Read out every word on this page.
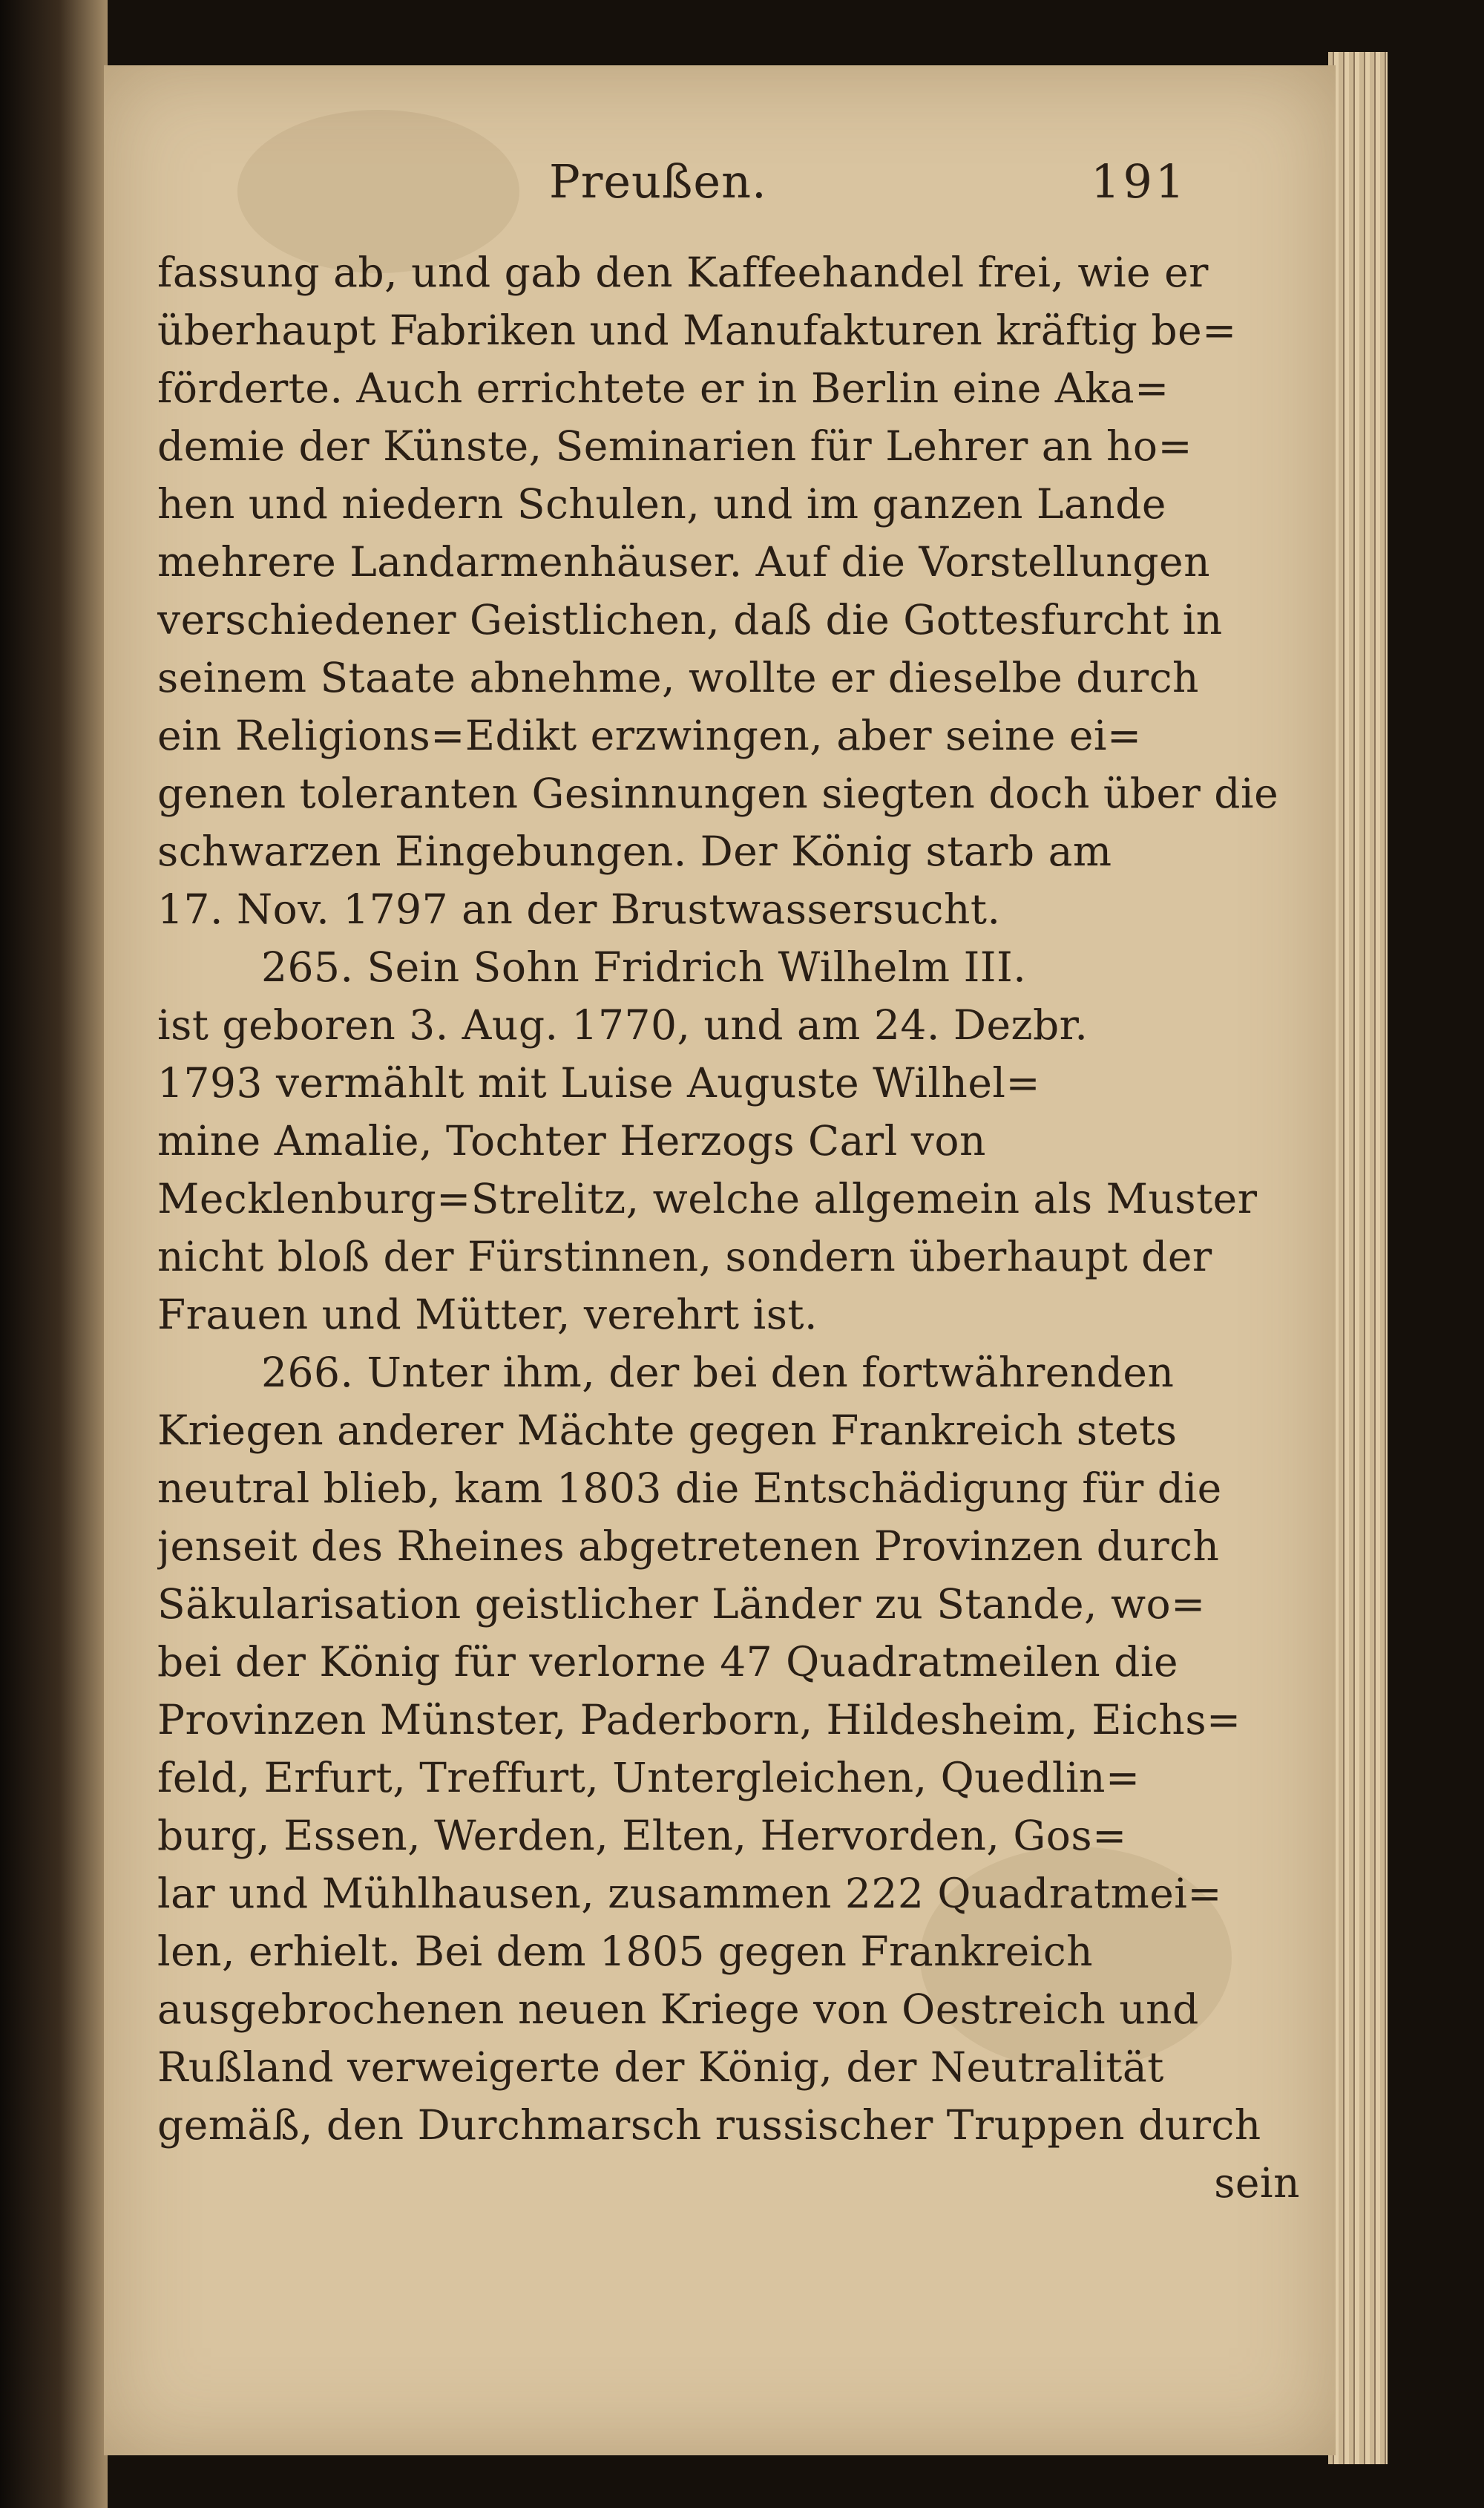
Preußen.	191
fassung ab, und gab den Kaffeehandel frei, wie er
überhaupt Fabriken und Manufakturen kräftig be=
förderte. Auch errichtete er in Berlin eine Aka=
demie der Künste, Seminarien für Lehrer an ho=
hen und niedern Schulen, und im ganzen Lande
mehrere Landarmenhäuser. Auf die Vorstellungen
verschiedener Geistlichen, daß die Gottesfurcht in
seinem Staate abnehme, wollte er dieselbe durch
ein Religions=Edikt erzwingen, aber seine ei=
genen toleranten Gesinnungen siegten doch über die
schwarzen Eingebungen. Der König starb am
17. Nov. 1797 an der Brustwassersucht.
265. Sein Sohn Fridrich Wilhelm III.
ist geboren 3. Aug. 1770, und am 24. Dezbr.
1793 vermählt mit Luise Auguste Wilhel=
mine Amalie, Tochter Herzogs Carl von
Mecklenburg=Strelitz, welche allgemein als Muster
nicht bloß der Fürstinnen, sondern überhaupt der
Frauen und Mütter, verehrt ist.
266. Unter ihm, der bei den fortwährenden
Kriegen anderer Mächte gegen Frankreich stets
neutral blieb, kam 1803 die Entschädigung für die
jenseit des Rheines abgetretenen Provinzen durch
Säkularisation geistlicher Länder zu Stande, wo=
bei der König für verlorne 47 Quadratmeilen die
Provinzen Münster, Paderborn, Hildesheim, Eichs=
feld, Erfurt, Treffurt, Untergleichen, Quedlin=
burg, Essen, Werden, Elten, Hervorden, Gos=
lar und Mühlhausen, zusammen 222 Quadratmei=
len, erhielt. Bei dem 1805 gegen Frankreich
ausgebrochenen neuen Kriege von Oestreich und
Rußland verweigerte der König, der Neutralität
gemäß, den Durchmarsch russischer Truppen durch
sein
